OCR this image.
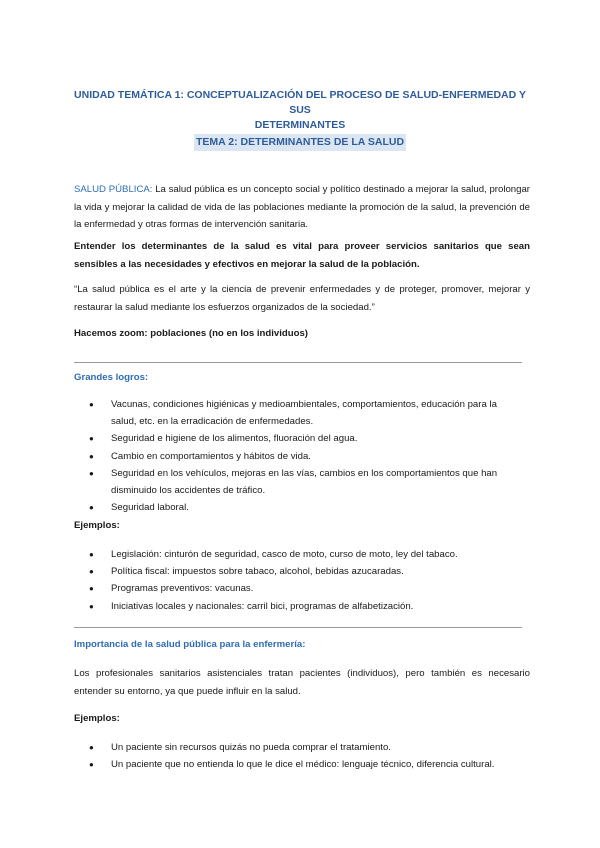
UNIDAD TEMÁTICA 1: CONCEPTUALIZACIÓN DEL PROCESO DE SALUD-ENFERMEDAD Y SUS
DETERMINANTES
TEMA 2: DETERMINANTES DE LA SALUD
SALUD PÚBLICA: La salud pública es un concepto social y político destinado a mejorar la salud, prolongar la vida y mejorar la calidad de vida de las poblaciones mediante la promoción de la salud, la prevención de la enfermedad y otras formas de intervención sanitaria.
Entender los determinantes de la salud es vital para proveer servicios sanitarios que sean sensibles a las necesidades y efectivos en mejorar la salud de la población.
“La salud pública es el arte y la ciencia de prevenir enfermedades y de proteger, promover, mejorar y restaurar la salud mediante los esfuerzos organizados de la sociedad.”
Hacemos zoom: poblaciones (no en los individuos)
Grandes logros:
● Vacunas, condiciones higiénicas y medioambientales, comportamientos, educación para la salud, etc. en la erradicación de enfermedades.
● Seguridad e higiene de los alimentos, fluoración del agua.
● Cambio en comportamientos y hábitos de vida.
● Seguridad en los vehículos, mejoras en las vías, cambios en los comportamientos que han disminuido los accidentes de tráfico.
● Seguridad laboral.
Ejemplos:
● Legislación: cinturón de seguridad, casco de moto, curso de moto, ley del tabaco.
● Política fiscal: impuestos sobre tabaco, alcohol, bebidas azucaradas.
● Programas preventivos: vacunas.
● Iniciativas locales y nacionales: carril bici, programas de alfabetización.
Importancia de la salud pública para la enfermería:
Los profesionales sanitarios asistenciales tratan pacientes (individuos), pero también es necesario entender su entorno, ya que puede influir en la salud.
Ejemplos:
● Un paciente sin recursos quizás no pueda comprar el tratamiento.
● Un paciente que no entienda lo que le dice el médico: lenguaje técnico, diferencia cultural.
